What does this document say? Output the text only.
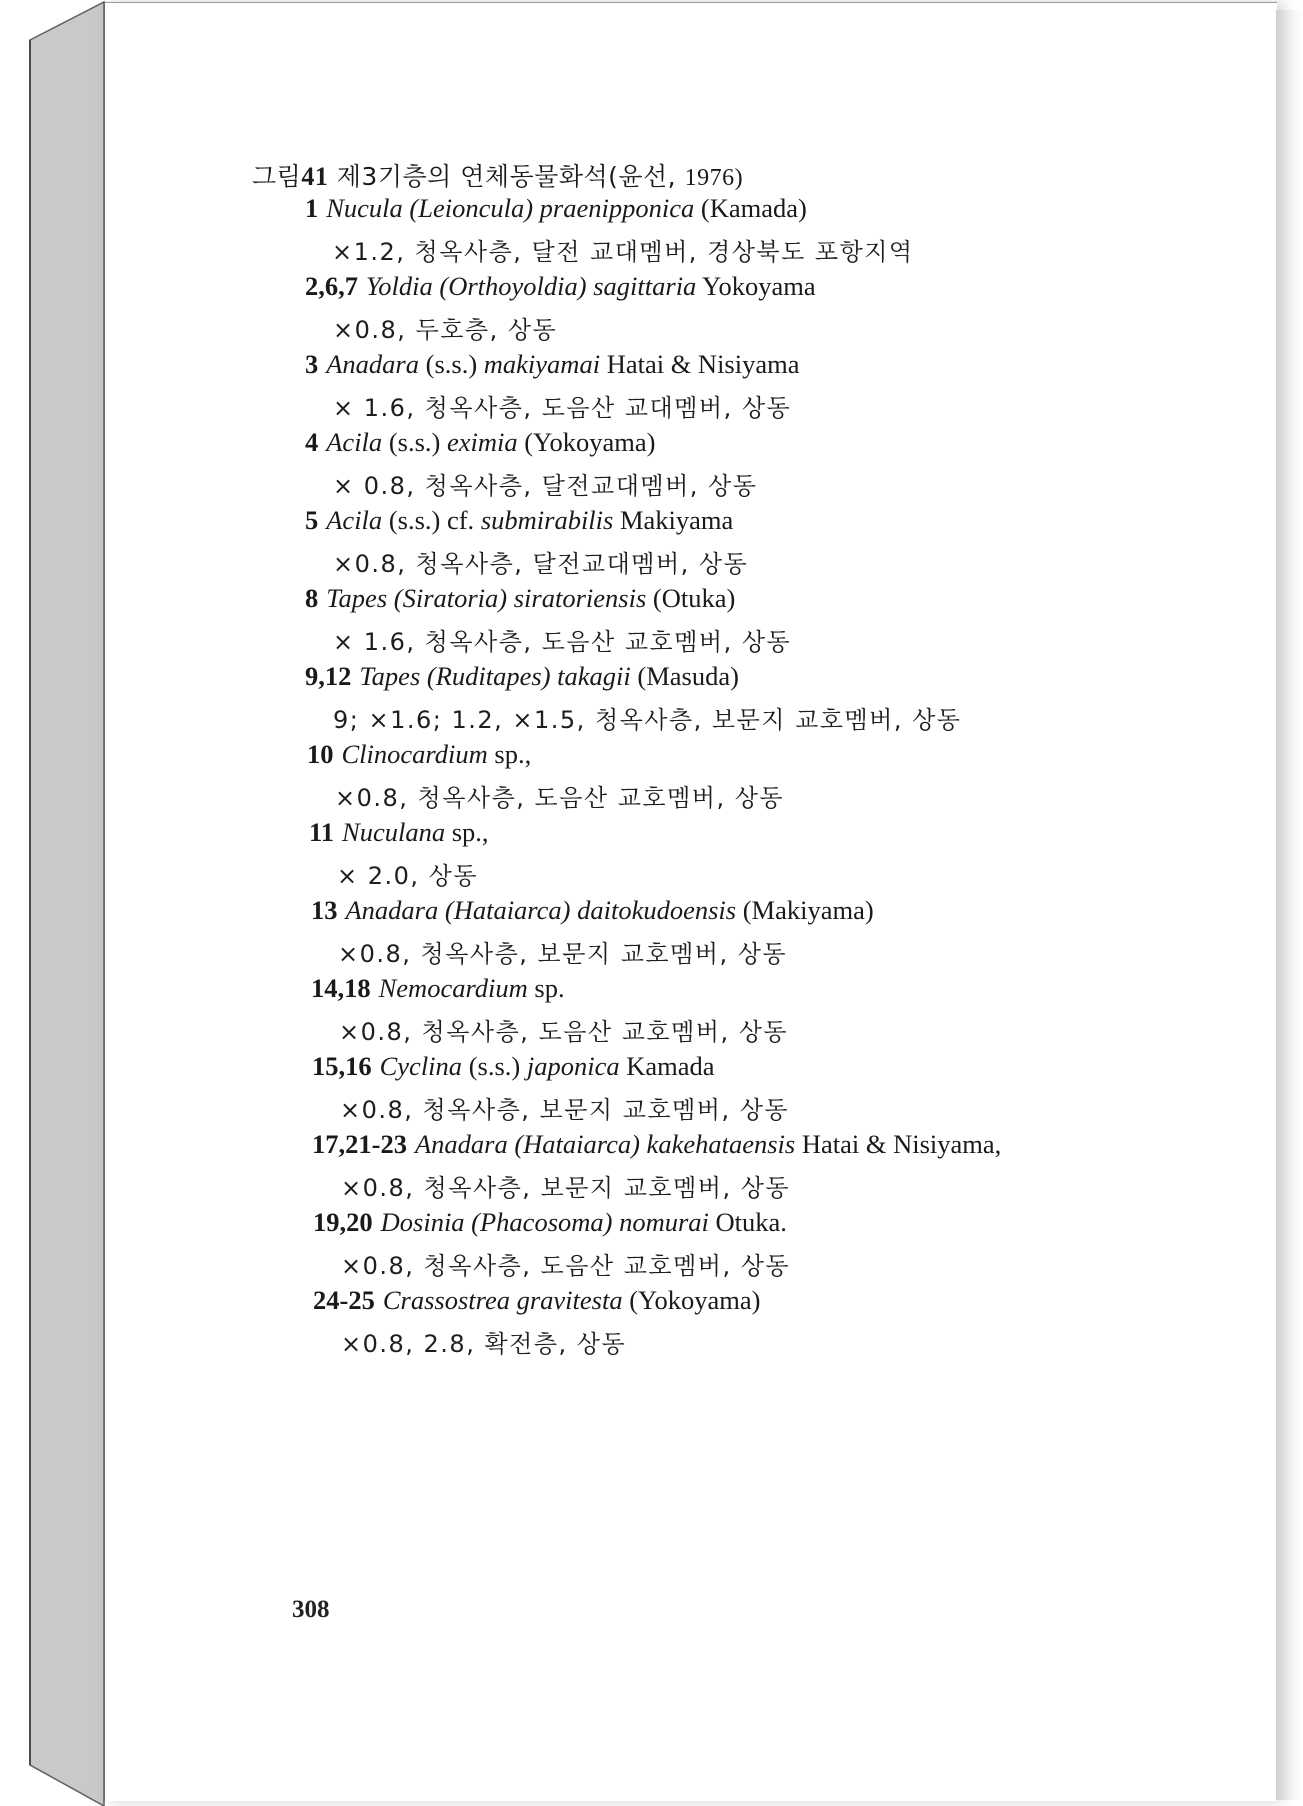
그림41 제3기층의 연체동물화석(윤선, 1976)
1 Nucula (Leioncula) praenipponica (Kamada)
×1.2, 청옥사층, 달전 교대멤버, 경상북도 포항지역
2,6,7 Yoldia (Orthoyoldia) sagittaria Yokoyama
×0.8, 두호층, 상동
3 Anadara (s.s.) makiyamai Hatai & Nisiyama
× 1.6, 청옥사층, 도음산 교대멤버, 상동
4 Acila (s.s.) eximia (Yokoyama)
× 0.8, 청옥사층, 달전교대멤버, 상동
5 Acila (s.s.) cf. submirabilis Makiyama
×0.8, 청옥사층, 달전교대멤버, 상동
8 Tapes (Siratoria) siratoriensis (Otuka)
× 1.6, 청옥사층, 도음산 교호멤버, 상동
9,12 Tapes (Ruditapes) takagii (Masuda)
9; ×1.6; 1.2, ×1.5, 청옥사층, 보문지 교호멤버, 상동
10 Clinocardium sp.,
×0.8, 청옥사층, 도음산 교호멤버, 상동
11 Nuculana sp.,
× 2.0, 상동
13 Anadara (Hataiarca) daitokudoensis (Makiyama)
×0.8, 청옥사층, 보문지 교호멤버, 상동
14,18 Nemocardium sp.
×0.8, 청옥사층, 도음산 교호멤버, 상동
15,16 Cyclina (s.s.) japonica Kamada
×0.8, 청옥사층, 보문지 교호멤버, 상동
17,21-23 Anadara (Hataiarca) kakehataensis Hatai & Nisiyama,
×0.8, 청옥사층, 보문지 교호멤버, 상동
19,20 Dosinia (Phacosoma) nomurai Otuka.
×0.8, 청옥사층, 도음산 교호멤버, 상동
24-25 Crassostrea gravitesta (Yokoyama)
×0.8, 2.8, 확전층, 상동
308
